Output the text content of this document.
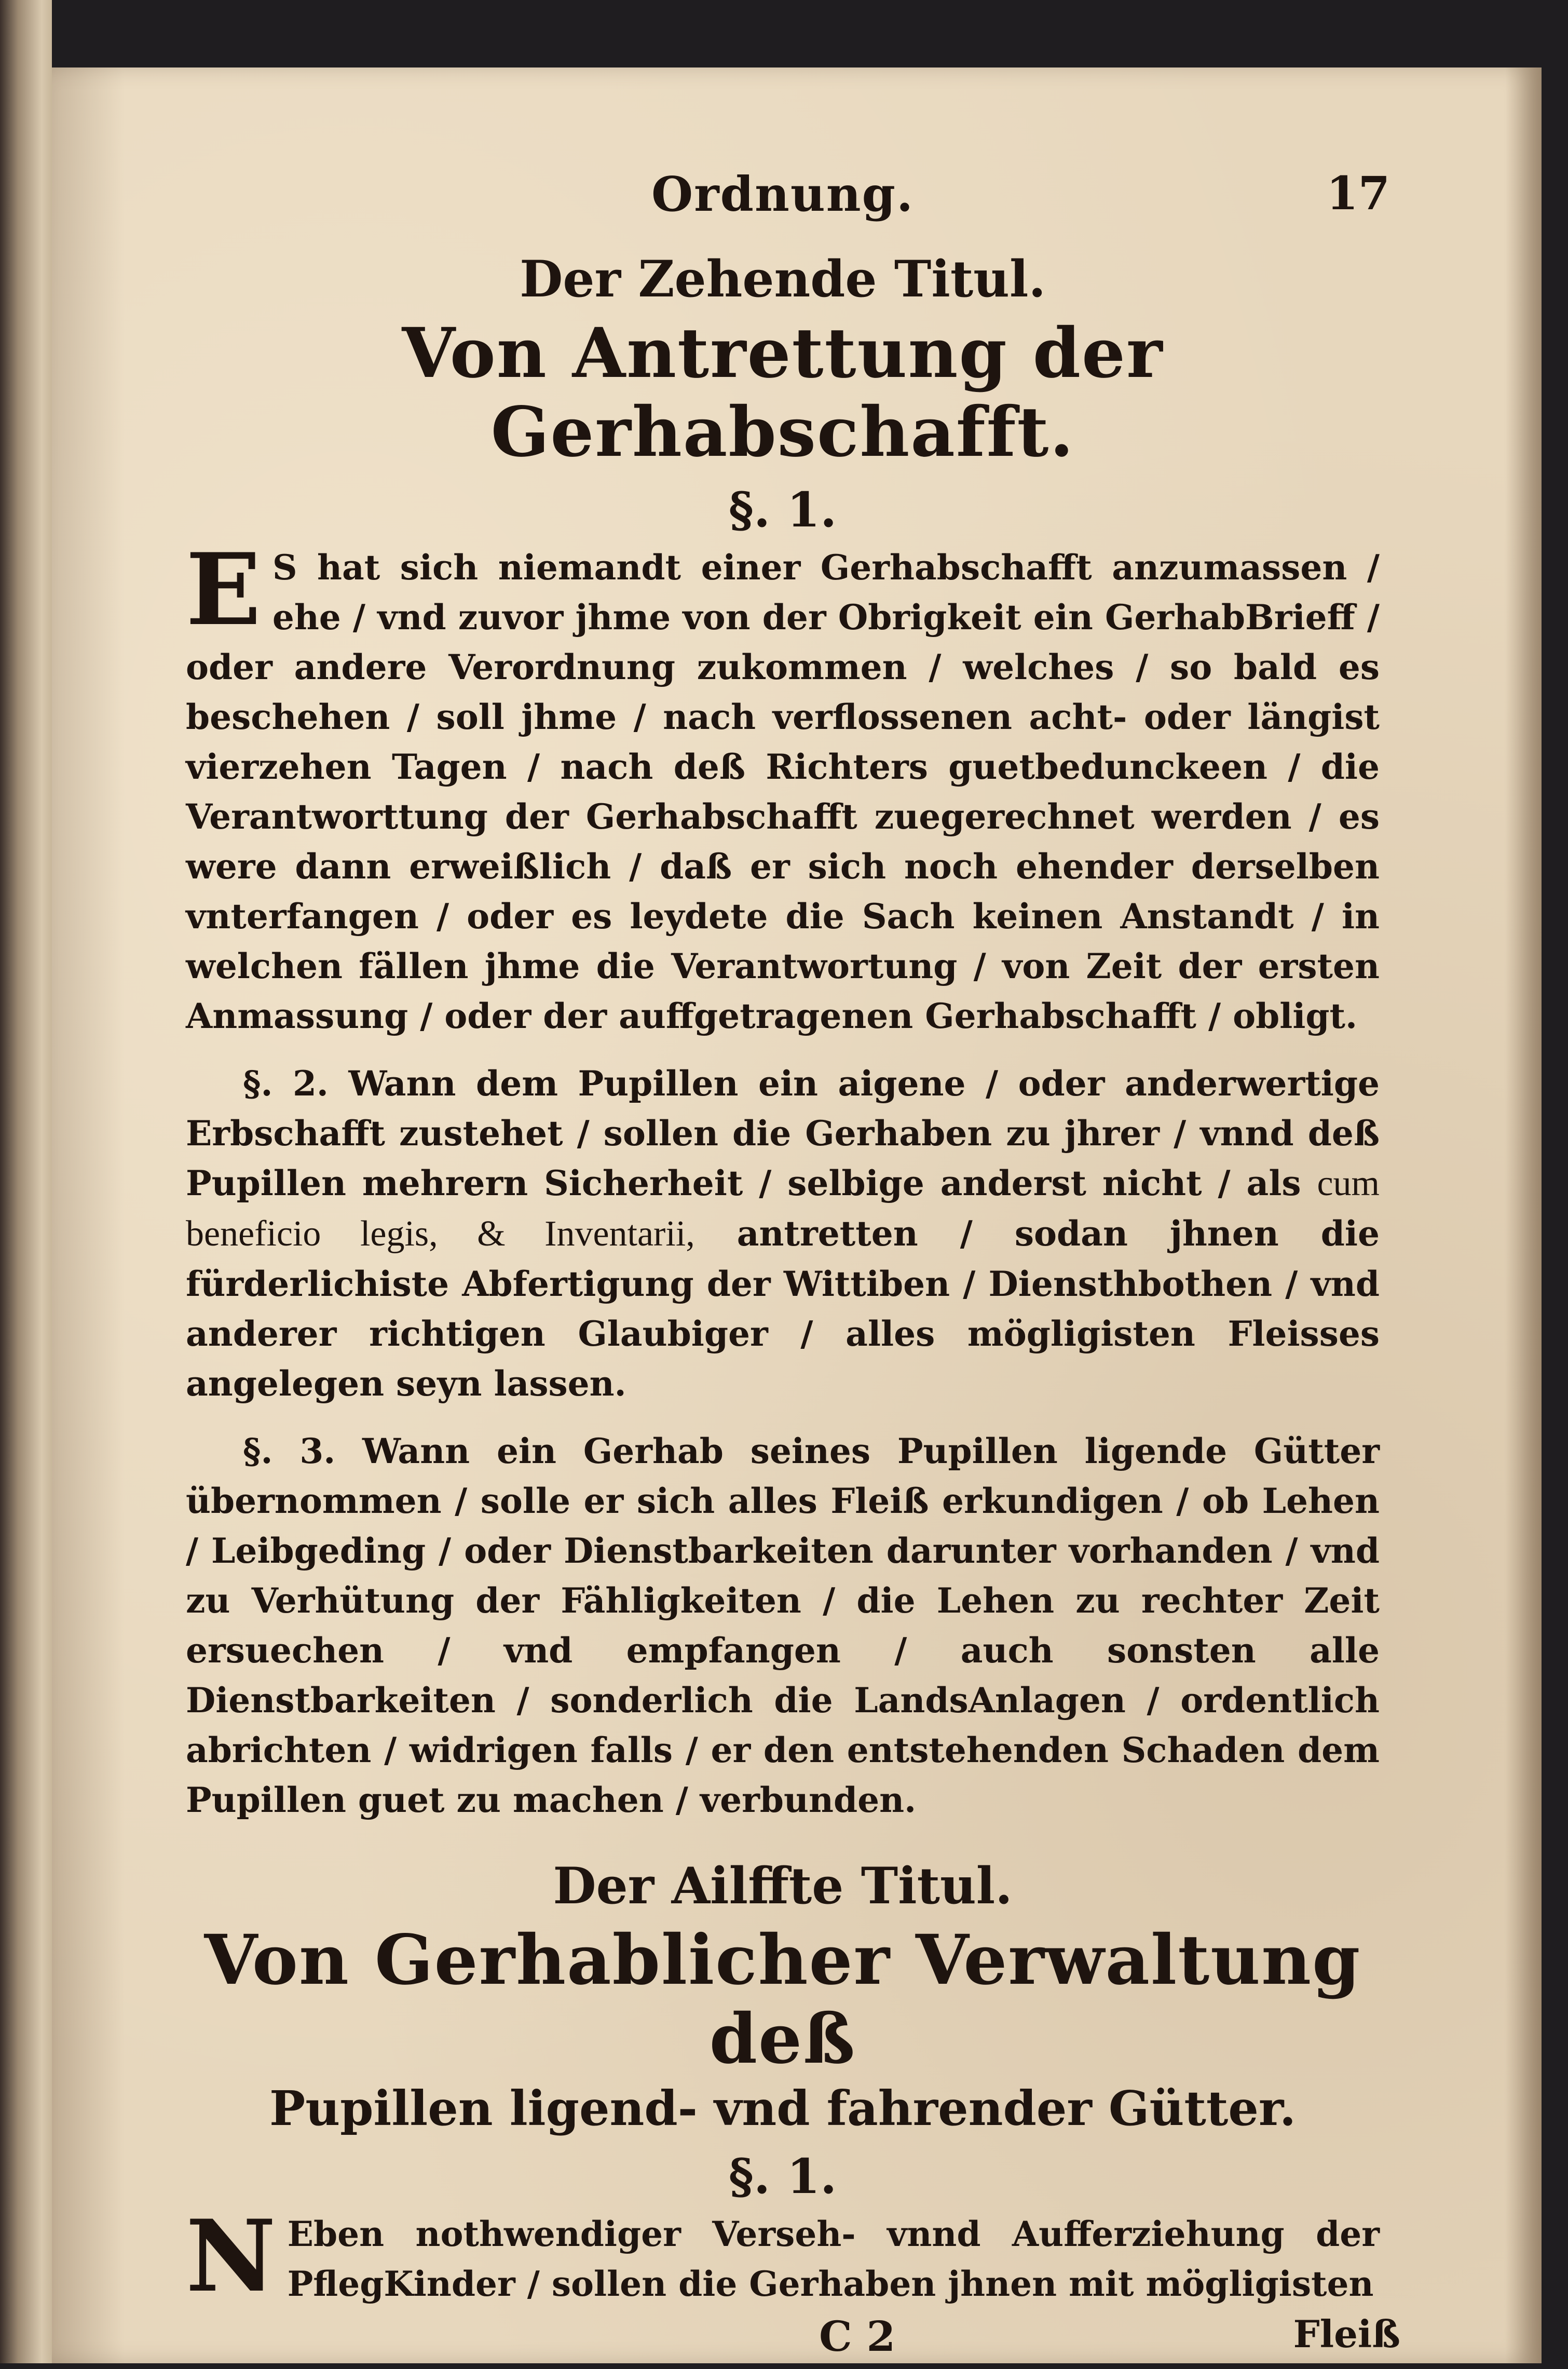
Ordnung.	17
Der Zehende Titul.
Von Antrettung der Gerhabschafft.
§. 1.

E S hat sich niemandt einer Gerhabschafft anzumassen / ehe / vnd zuvor jhme von der Obrigkeit ein GerhabBrieff / oder andere Verordnung zukommen / welches / so bald es beschehen / soll jhme / nach verflossenen acht- oder längist vierzehen Tagen / nach deß Richters guetbedunckeen / die Verantworttung der Gerhabschafft zuegerechnet werden / es were dann erweißlich / daß er sich noch ehender derselben vnterfangen / oder es leydete die Sach keinen Anstandt / in welchen fällen jhme die Verantwortung / von Zeit der ersten Anmassung / oder der auffgetragenen Gerhabschafft / obligt.

§. 2. Wann dem Pupillen ein aigene / oder anderwertige Erbschafft zustehet / sollen die Gerhaben zu jhrer / vnnd deß Pupillen mehrern Sicherheit / selbige anderst nicht / als cum beneficio legis, & Inventarii, antretten / sodan jhnen die fürderlichiste Abfertigung der Wittiben / Diensthbothen / vnd anderer richtigen Glaubiger / alles mögligisten Fleisses angelegen seyn lassen.

§. 3. Wann ein Gerhab seines Pupillen ligende Gütter übernommen / solle er sich alles Fleiß erkundigen / ob Lehen / Leibgeding / oder Dienstbarkeiten darunter vorhanden / vnd zu Verhütung der Fähligkeiten / die Lehen zu rechter Zeit ersuechen / vnd empfangen / auch sonsten alle Dienstbarkeiten / sonderlich die LandsAnlagen / ordentlich abrichten / widrigen falls / er den entstehenden Schaden dem Pupillen guet zu machen / verbunden.

Der Ailffte Titul.
Von Gerhablicher Verwaltung deß
Pupillen ligend- vnd fahrender Gütter.
§. 1.

N Eben nothwendiger Verseh- vnnd Aufferziehung der PflegKinder / sollen die Gerhaben jhnen mit mögligisten

C 2	Fleiß
